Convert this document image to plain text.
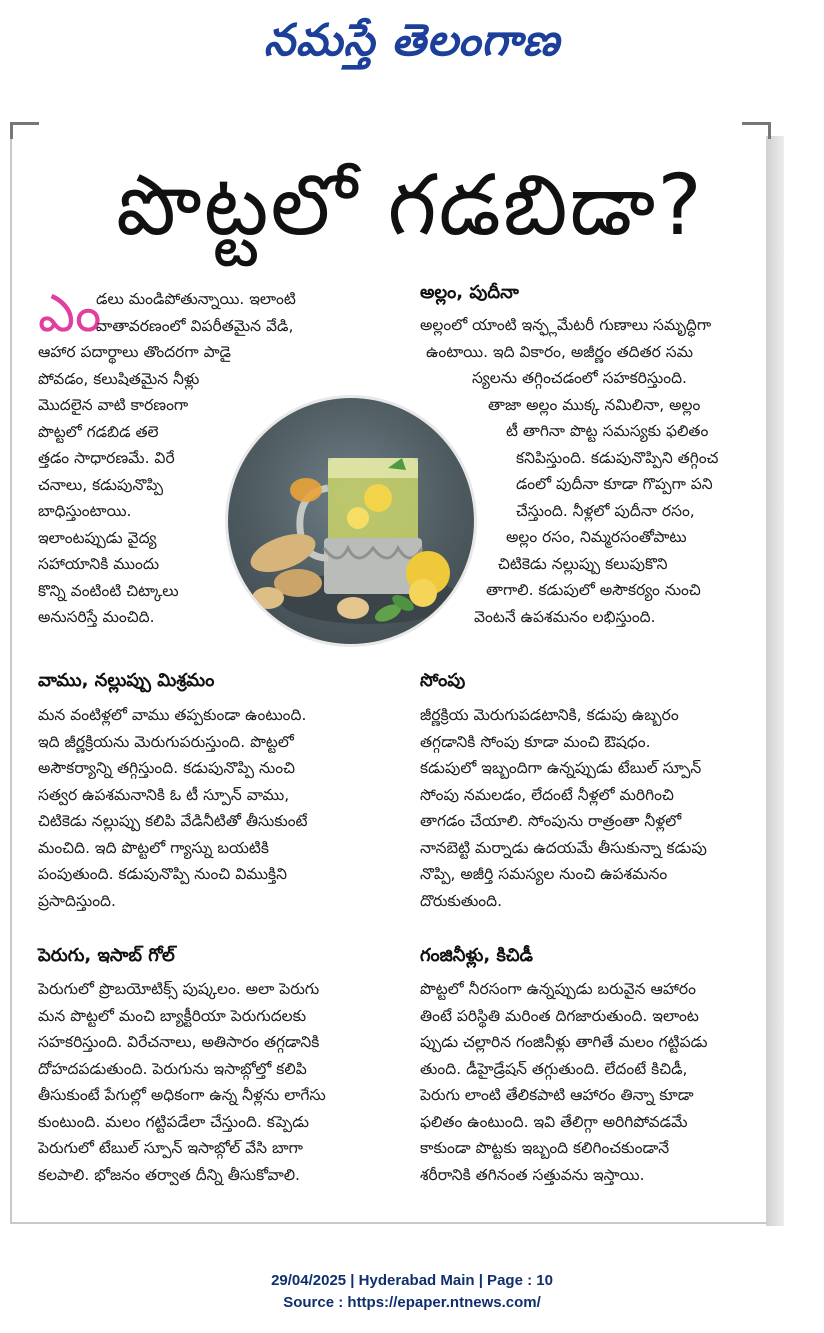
నమస్తే తెలంగాణ
పొట్టలో గడబిడా?
ఎం
డలు మండిపోతున్నాయి. ఇలాంటి
వాతావరణంలో విపరీతమైన వేడి,
ఆహార పదార్థాలు తొందరగా పాడై
పోవడం, కలుషితమైన నీళ్లు
మొదలైన వాటి కారణంగా
పొట్టలో గడబిడ తలె
త్తడం సాధారణమే. విరే
చనాలు, కడుపునొప్పి
బాధిస్తుంటాయి.
ఇలాంటప్పుడు వైద్య
సహాయానికి ముందు
కొన్ని వంటింటి చిట్కాలు
అనుసరిస్తే మంచిది.
అల్లం, పుదీనా
అల్లంలో యాంటి ఇన్ఫ్లమేటరీ గుణాలు సమృద్ధిగా
ఉంటాయి. ఇది వికారం, అజీర్ణం తదితర సమ
స్యలను తగ్గించడంలో సహకరిస్తుంది.
తాజా అల్లం ముక్క నమిలినా, అల్లం
టీ తాగినా పొట్ట సమస్యకు ఫలితం
కనిపిస్తుంది. కడుపునొప్పిని తగ్గించ
డంలో పుదీనా కూడా గొప్పగా పని
చేస్తుంది. నీళ్లలో పుదీనా రసం,
అల్లం రసం, నిమ్మరసంతోపాటు
చిటికెడు నల్లుప్పు కలుపుకొని
తాగాలి. కడుపులో అసౌకర్యం నుంచి
వెంటనే ఉపశమనం లభిస్తుంది.
వాము, నల్లుప్పు మిశ్రమం
మన వంటిళ్లలో వాము తప్పకుండా ఉంటుంది.
ఇది జీర్ణక్రియను మెరుగుపరుస్తుంది. పొట్టలో
అసౌకర్యాన్ని తగ్గిస్తుంది. కడుపునొప్పి నుంచి
సత్వర ఉపశమనానికి ఓ టీ స్పూన్ వాము,
చిటికెడు నల్లుప్పు కలిపి వేడినీటితో తీసుకుంటే
మంచిది. ఇది పొట్టలో గ్యాస్ను బయటికి
పంపుతుంది. కడుపునొప్పి నుంచి విముక్తిని
ప్రసాదిస్తుంది.
సోంపు
జీర్ణక్రియ మెరుగుపడటానికి, కడుపు ఉబ్బరం
తగ్గడానికి సోంపు కూడా మంచి ఔషధం.
కడుపులో ఇబ్బందిగా ఉన్నప్పుడు టేబుల్ స్పూన్
సోంపు నమలడం, లేదంటే నీళ్లలో మరిగించి
తాగడం చేయాలి. సోంపును రాత్రంతా నీళ్లలో
నానబెట్టి మర్నాడు ఉదయమే తీసుకున్నా కడుపు
నొప్పి, అజీర్తి సమస్యల నుంచి ఉపశమనం
దొరుకుతుంది.
పెరుగు, ఇసాబ్ గోల్
పెరుగులో ప్రొబయోటిక్స్ పుష్కలం. అలా పెరుగు
మన పొట్టలో మంచి బ్యాక్టీరియా పెరుగుదలకు
సహకరిస్తుంది. విరేచనాలు, అతిసారం తగ్గడానికి
దోహదపడుతుంది. పెరుగును ఇసాబ్గోల్తో కలిపి
తీసుకుంటే పేగుల్లో అధికంగా ఉన్న నీళ్లను లాగేసు
కుంటుంది. మలం గట్టిపడేలా చేస్తుంది. కప్పెడు
పెరుగులో టేబుల్ స్పూన్ ఇసాబ్గోల్ వేసి బాగా
కలపాలి. భోజనం తర్వాత దీన్ని తీసుకోవాలి.
గంజినీళ్లు, కిచిడీ
పొట్టలో నీరసంగా ఉన్నప్పుడు బరువైన ఆహారం
తింటే పరిస్థితి మరింత దిగజారుతుంది. ఇలాంట
ప్పుడు చల్లారిన గంజినీళ్లు తాగితే మలం గట్టిపడు
తుంది. డీహైడ్రేషన్ తగ్గుతుంది. లేదంటే కిచిడీ,
పెరుగు లాంటి తేలికపాటి ఆహారం తిన్నా కూడా
ఫలితం ఉంటుంది. ఇవి తేలిగ్గా అరిగిపోవడమే
కాకుండా పొట్టకు ఇబ్బంది కలిగించకుండానే
శరీరానికి తగినంత సత్తువను ఇస్తాయి.
29/04/2025 | Hyderabad Main | Page : 10
Source : https://epaper.ntnews.com/
